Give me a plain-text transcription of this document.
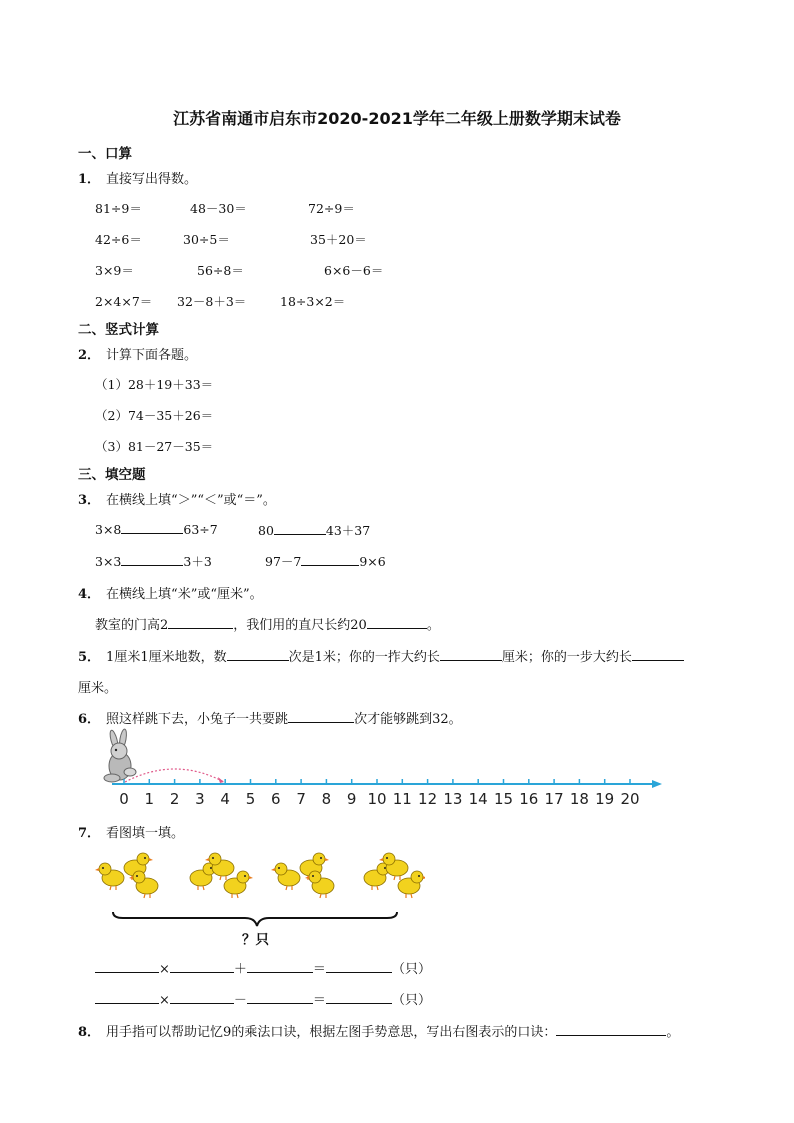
江苏省南通市启东市2020-2021学年二年级上册数学期末试卷
一、口算
1． 直接写出得数。
81÷9＝	48－30＝	72÷9＝
42÷6＝	30÷5＝	35＋20＝
3×9＝	56÷8＝	6×6－6＝
2×4×7＝ 32－8＋3＝	18÷3×2＝
二、竖式计算
2． 计算下面各题。
（1）28＋19＋33＝
（2）74－35＋26＝
（3）81－27－35＝
三、填空题
3． 在横线上填“＞”“＜”或“＝”。
3×8	63÷7	80	43＋37
3×3	3＋3	97－7	9×6
4． 在横线上填“米”或“厘米”。
教室的门高2	，我们用的直尺长约20	。
5． 1厘米1厘米地数，数	次是1米；你的一拃大约长	厘米；你的一步大约长
厘米。
6． 照这样跳下去，小兔子一共要跳	次才能够跳到32。
0 1 2 3 4 5 6 7 8 9 10 11 12 13 14 15 16 17 18 19 20
7． 看图填一填。
？只
×	＋	＝	（只）
×	－	＝	（只）
8． 用手指可以帮助记忆9的乘法口诀，根据左图手势意思，写出右图表示的口诀：	。
